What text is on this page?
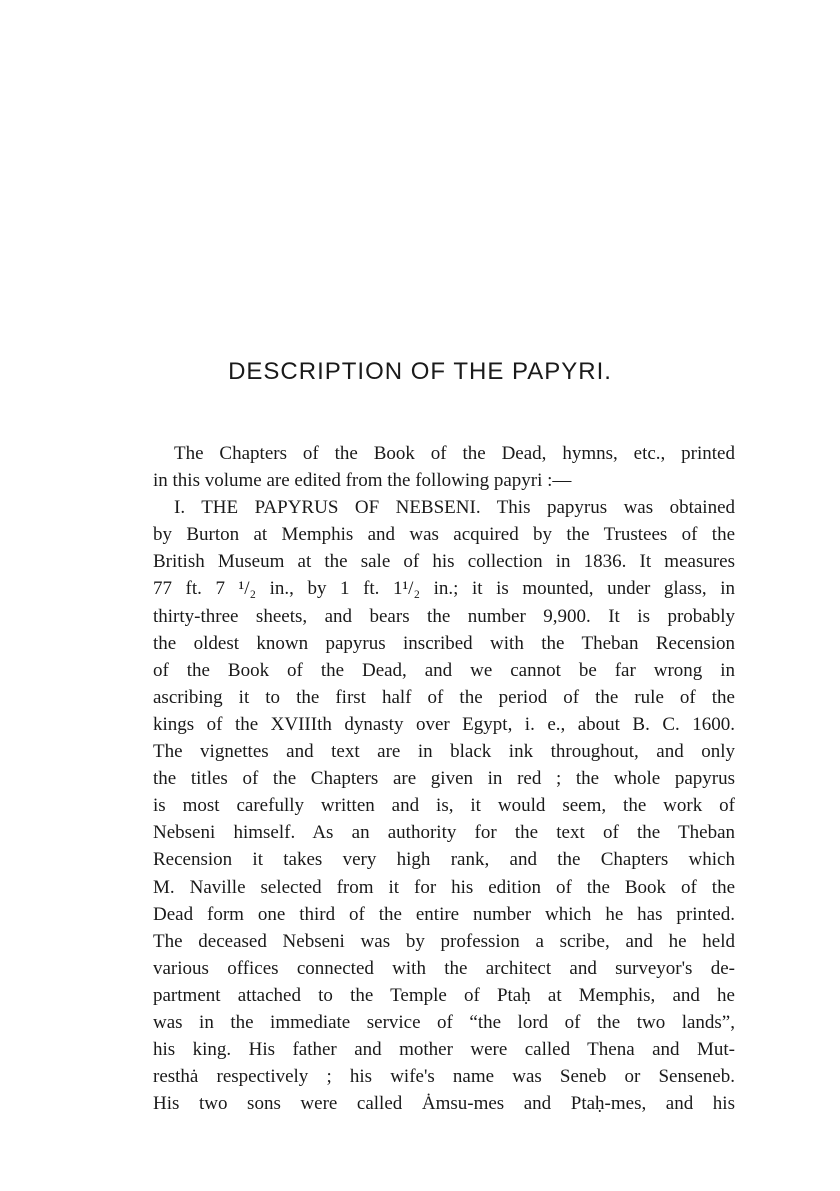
DESCRIPTION OF THE PAPYRI.
The Chapters of the Book of the Dead, hymns, etc., printed
in this volume are edited from the following papyri :—
I. THE PAPYRUS OF NEBSENI. This papyrus was obtained
by Burton at Memphis and was acquired by the Trustees of the
British Museum at the sale of his collection in 1836. It measures
77 ft. 7 ¹/₂ in., by 1 ft. 1¹/₂ in.; it is mounted, under glass, in
thirty-three sheets, and bears the number 9,900. It is probably
the oldest known papyrus inscribed with the Theban Recension
of the Book of the Dead, and we cannot be far wrong in
ascribing it to the first half of the period of the rule of the
kings of the XVIIIth dynasty over Egypt, i. e., about B. C. 1600.
The vignettes and text are in black ink throughout, and only
the titles of the Chapters are given in red ; the whole papyrus
is most carefully written and is, it would seem, the work of
Nebseni himself. As an authority for the text of the Theban
Recension it takes very high rank, and the Chapters which
M. Naville selected from it for his edition of the Book of the
Dead form one third of the entire number which he has printed.
The deceased Nebseni was by profession a scribe, and he held
various offices connected with the architect and surveyor's de-
partment attached to the Temple of Ptaḥ at Memphis, and he
was in the immediate service of “the lord of the two lands”,
his king. His father and mother were called Thena and Mut-
resthȧ respectively ; his wife's name was Seneb or Senseneb.
His two sons were called Ȧmsu-mes and Ptaḥ-mes, and his
